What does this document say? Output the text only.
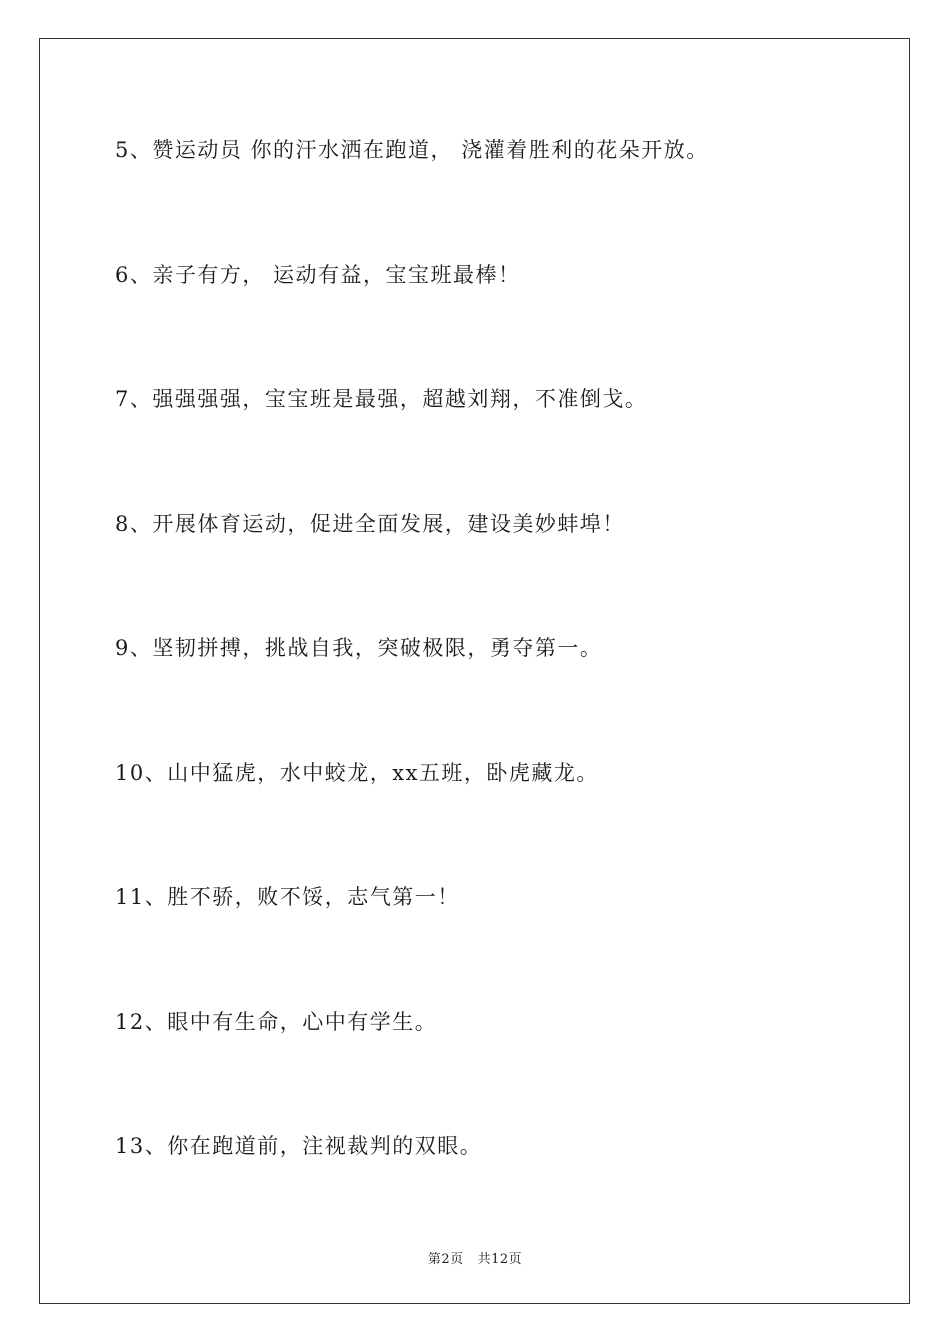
5、赞运动员 你的汗水洒在跑道， 浇灌着胜利的花朵开放。
6、亲子有方， 运动有益，宝宝班最棒！
7、强强强强，宝宝班是最强，超越刘翔，不准倒戈。
8、开展体育运动，促进全面发展，建设美妙蚌埠！
9、坚韧拼搏，挑战自我，突破极限，勇夺第一。
10、山中猛虎，水中蛟龙，xx五班，卧虎藏龙。
11、胜不骄，败不馁，志气第一！
12、眼中有生命，心中有学生。
13、你在跑道前，注视裁判的双眼。
第2页 共12页
